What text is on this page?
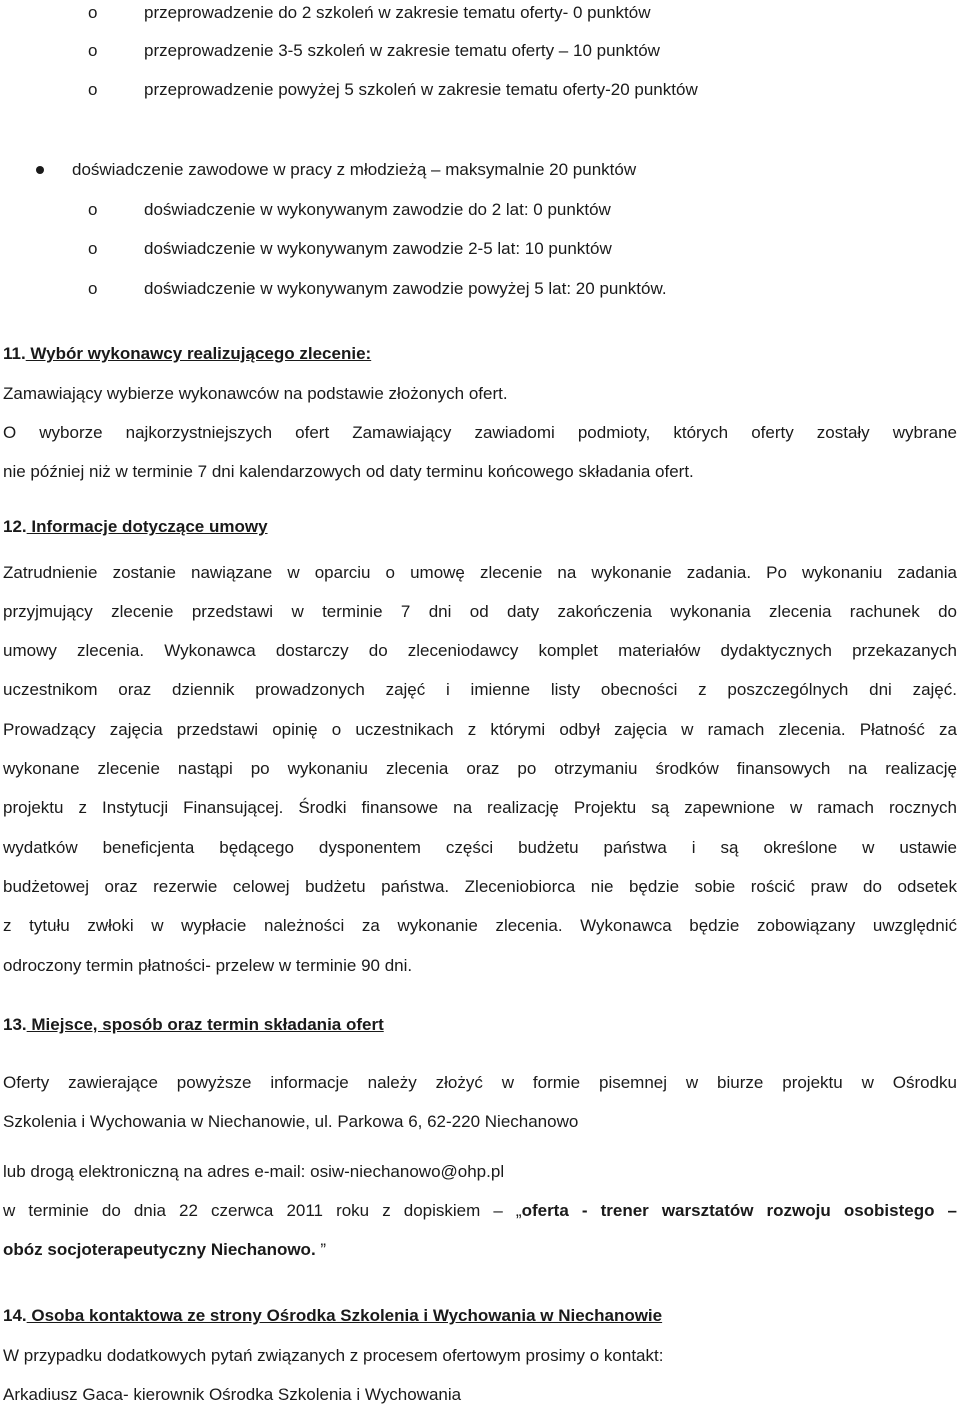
o	przeprowadzenie do 2 szkoleń w zakresie tematu oferty- 0 punktów
o	przeprowadzenie 3-5 szkoleń w zakresie tematu oferty – 10 punktów
o	przeprowadzenie powyżej 5 szkoleń w zakresie tematu oferty-20 punktów
doświadczenie zawodowe w pracy z młodzieżą – maksymalnie 20 punktów
o	doświadczenie w wykonywanym zawodzie do 2 lat: 0 punktów
o	doświadczenie w wykonywanym zawodzie 2-5 lat: 10 punktów
o	doświadczenie w wykonywanym zawodzie powyżej 5 lat: 20 punktów.
11. Wybór wykonawcy realizującego zlecenie:
Zamawiający wybierze wykonawców na podstawie złożonych ofert.
O wyborze najkorzystniejszych ofert Zamawiający zawiadomi podmioty, których oferty zostały wybrane
nie później niż w terminie 7 dni kalendarzowych od daty terminu końcowego składania ofert.
12. Informacje dotyczące umowy
Zatrudnienie zostanie nawiązane w oparciu o umowę zlecenie na wykonanie zadania. Po wykonaniu zadania
przyjmujący zlecenie przedstawi w terminie 7 dni od daty zakończenia wykonania zlecenia rachunek do
umowy zlecenia. Wykonawca dostarczy do zleceniodawcy komplet materiałów dydaktycznych przekazanych
uczestnikom oraz dziennik prowadzonych zajęć i imienne listy obecności z poszczególnych dni zajęć.
Prowadzący zajęcia przedstawi opinię o uczestnikach z którymi odbył zajęcia w ramach zlecenia. Płatność za
wykonane zlecenie nastąpi po wykonaniu zlecenia oraz po otrzymaniu środków finansowych na realizację
projektu z Instytucji Finansującej. Środki finansowe na realizację Projektu są zapewnione w ramach rocznych
wydatków beneficjenta będącego dysponentem części budżetu państwa i są określone w ustawie
budżetowej oraz rezerwie celowej budżetu państwa. Zleceniobiorca nie będzie sobie rościć praw do odsetek
z tytułu zwłoki w wypłacie należności za wykonanie zlecenia. Wykonawca będzie zobowiązany uwzględnić
odroczony termin płatności- przelew w terminie 90 dni.
13. Miejsce, sposób oraz termin składania ofert
Oferty zawierające powyższe informacje należy złożyć w formie pisemnej w biurze projektu w Ośrodku
Szkolenia i Wychowania w Niechanowie, ul. Parkowa 6, 62-220 Niechanowo
lub drogą elektroniczną na adres e-mail: osiw-niechanowo@ohp.pl
w terminie do dnia 22 czerwca 2011 roku z dopiskiem – „oferta - trener warsztatów rozwoju osobistego –
obóz socjoterapeutyczny Niechanowo. ”
14. Osoba kontaktowa ze strony Ośrodka Szkolenia i Wychowania w Niechanowie
W przypadku dodatkowych pytań związanych z procesem ofertowym prosimy o kontakt:
Arkadiusz Gaca- kierownik Ośrodka Szkolenia i Wychowania
